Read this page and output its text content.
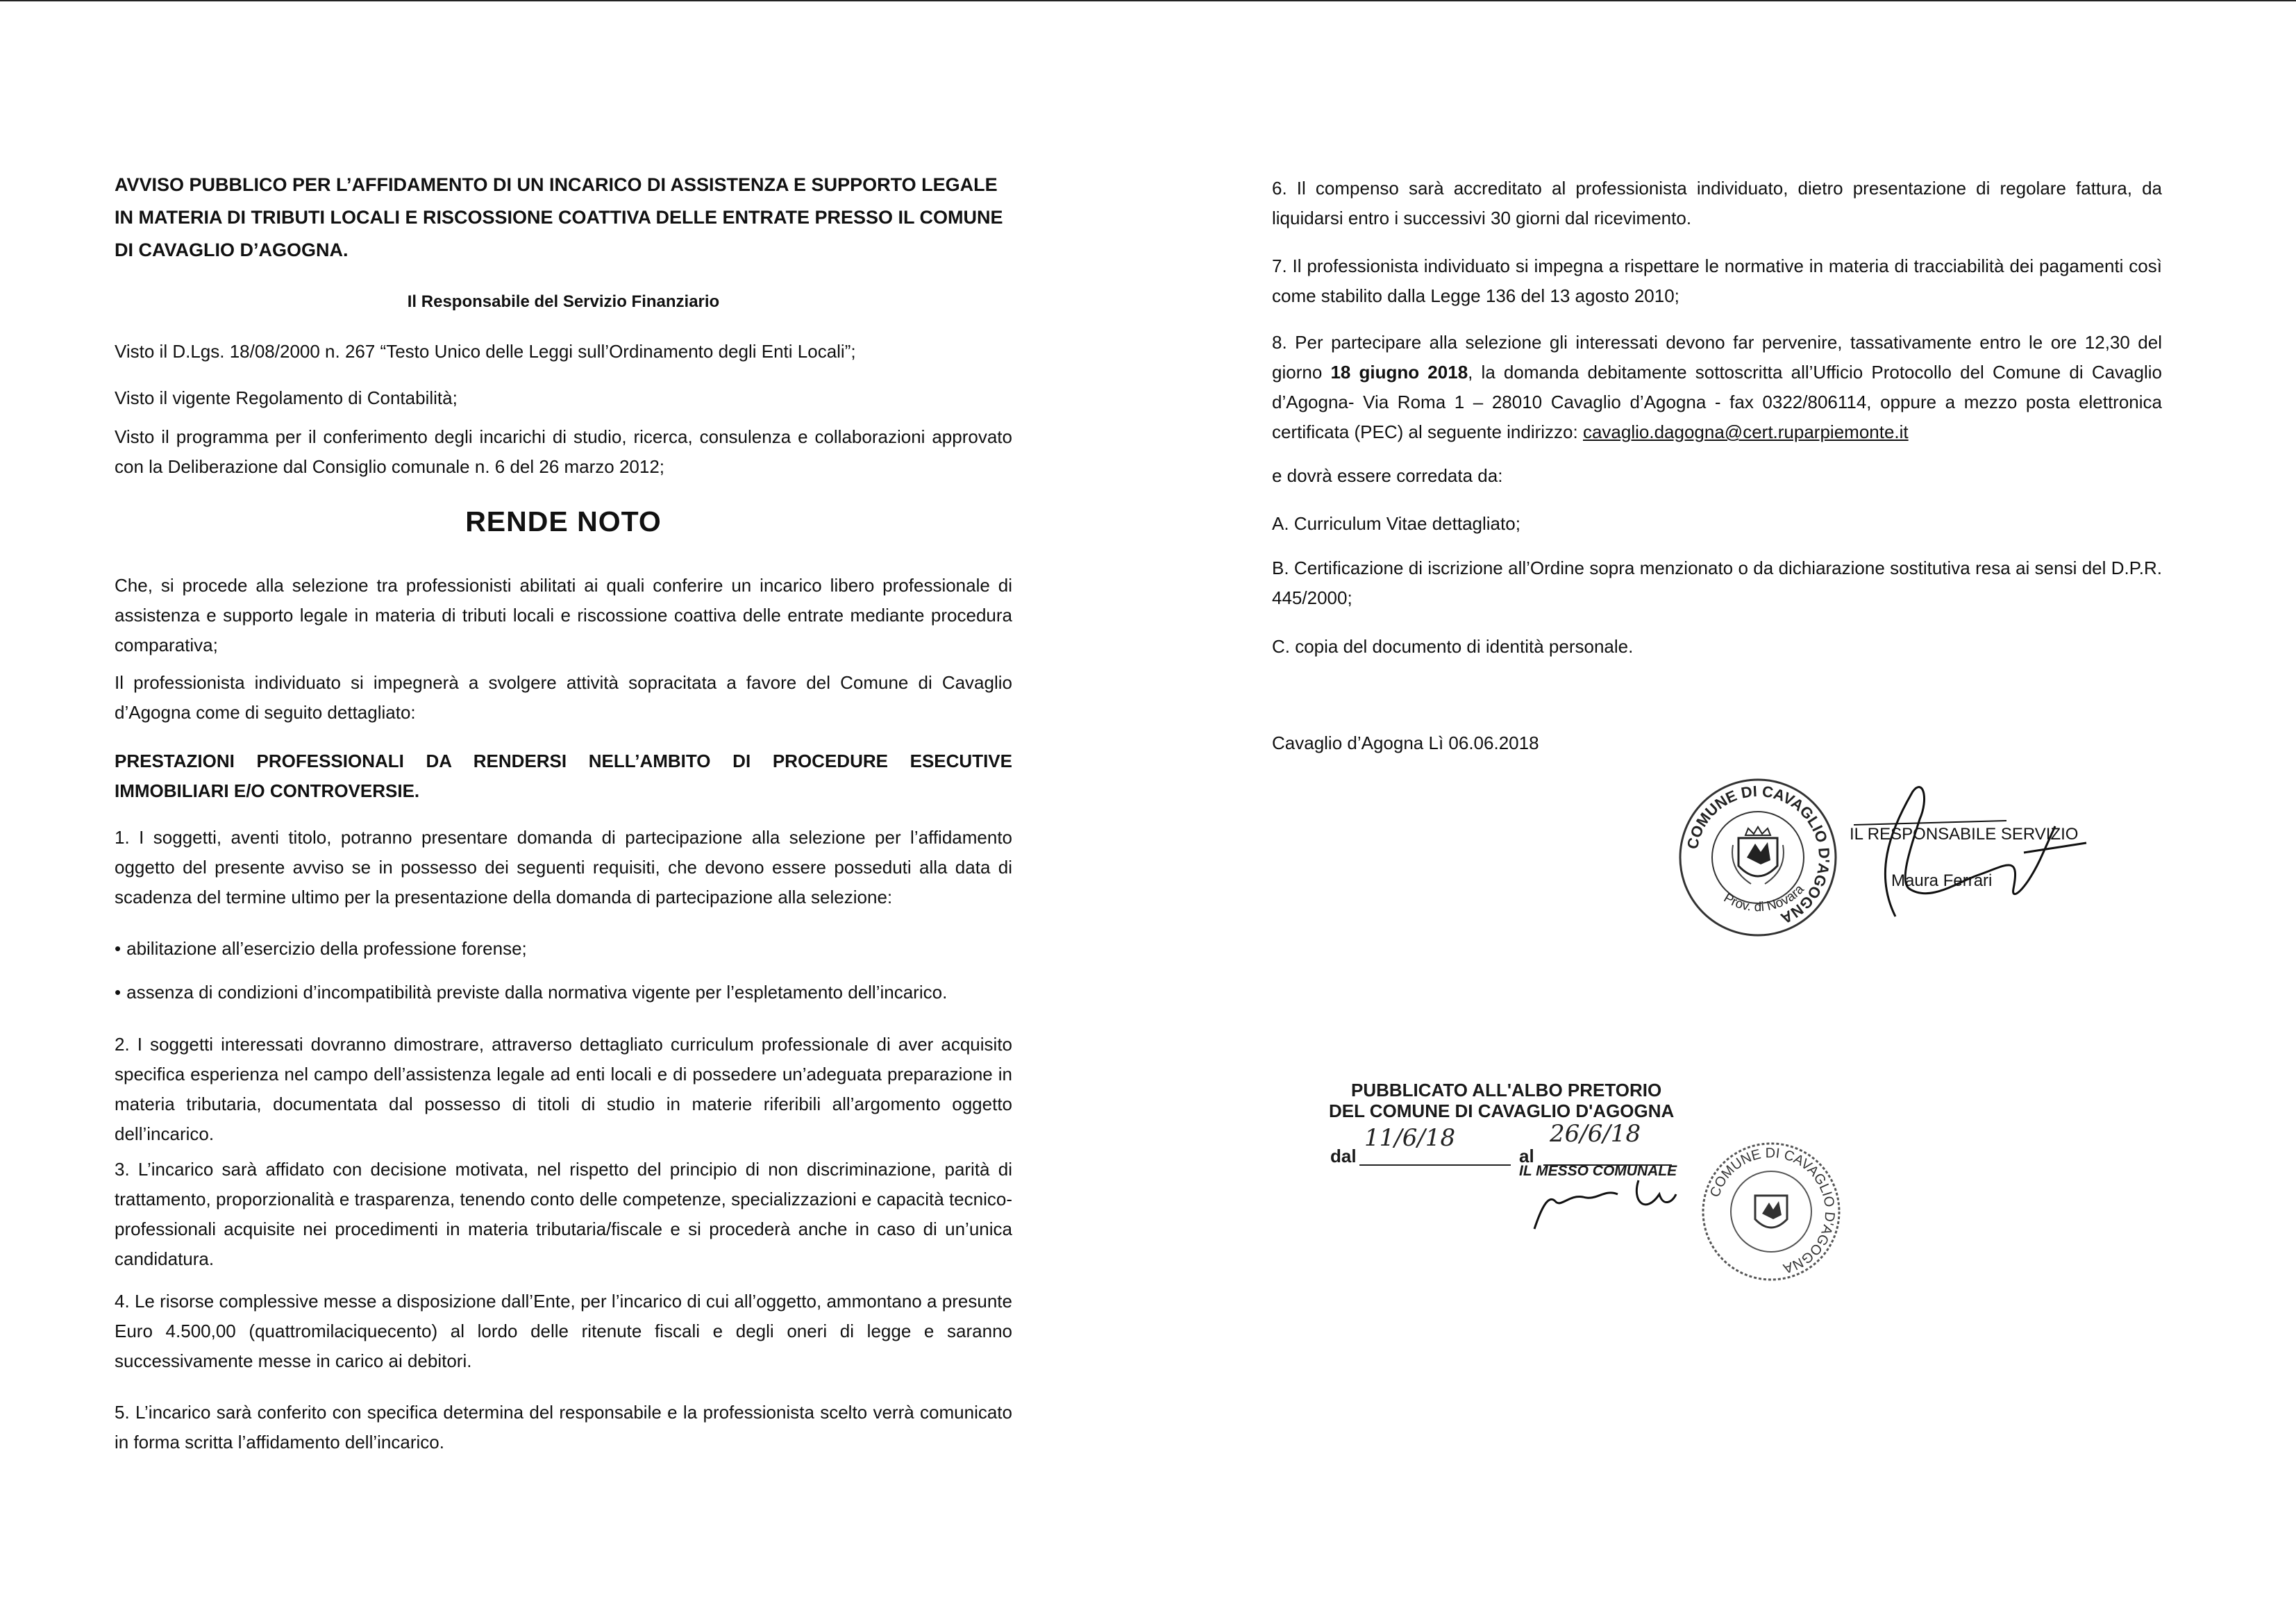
AVVISO PUBBLICO PER L’AFFIDAMENTO DI UN INCARICO DI ASSISTENZA E SUPPORTO LEGALE IN MATERIA DI TRIBUTI LOCALI E RISCOSSIONE COATTIVA DELLE ENTRATE PRESSO IL COMUNE DI CAVAGLIO D’AGOGNA.

Il Responsabile del Servizio Finanziario

Visto il D.Lgs. 18/08/2000 n. 267 “Testo Unico delle Leggi sull’Ordinamento degli Enti Locali”;

Visto il vigente Regolamento di Contabilità;

Visto il programma per il conferimento degli incarichi di studio, ricerca, consulenza e collaborazioni approvato con la Deliberazione dal Consiglio comunale n. 6 del 26 marzo 2012;

RENDE NOTO

Che, si procede alla selezione tra professionisti abilitati ai quali conferire un incarico libero professionale di assistenza e supporto legale in materia di tributi locali e riscossione coattiva delle entrate mediante procedura comparativa;

Il professionista individuato si impegnerà a svolgere attività sopracitata a favore del Comune di Cavaglio d’Agogna come di seguito dettagliato:

PRESTAZIONI PROFESSIONALI DA RENDERSI NELL’AMBITO DI PROCEDURE ESECUTIVE IMMOBILIARI E/O CONTROVERSIE.

1. I soggetti, aventi titolo, potranno presentare domanda di partecipazione alla selezione per l’affidamento oggetto del presente avviso se in possesso dei seguenti requisiti, che devono essere posseduti alla data di scadenza del termine ultimo per la presentazione della domanda di partecipazione alla selezione:

• abilitazione all’esercizio della professione forense;

• assenza di condizioni d’incompatibilità previste dalla normativa vigente per l’espletamento dell’incarico.

2. I soggetti interessati dovranno dimostrare, attraverso dettagliato curriculum professionale di aver acquisito specifica esperienza nel campo dell’assistenza legale ad enti locali e di possedere un’adeguata preparazione in materia tributaria, documentata dal possesso di titoli di studio in materie riferibili all’argomento oggetto dell’incarico.

3. L’incarico sarà affidato con decisione motivata, nel rispetto del principio di non discriminazione, parità di trattamento, proporzionalità e trasparenza, tenendo conto delle competenze, specializzazioni e capacità tecnico-professionali acquisite nei procedimenti in materia tributaria/fiscale e si procederà anche in caso di un’unica candidatura.

4. Le risorse complessive messe a disposizione dall’Ente, per l’incarico di cui all’oggetto, ammontano a presunte Euro 4.500,00 (quattromilaciquecento) al lordo delle ritenute fiscali e degli oneri di legge e saranno successivamente messe in carico ai debitori.

5. L’incarico sarà conferito con specifica determina del responsabile e la professionista scelto verrà comunicato in forma scritta l’affidamento dell’incarico.

6. Il compenso sarà accreditato al professionista individuato, dietro presentazione di regolare fattura, da liquidarsi entro i successivi 30 giorni dal ricevimento.

7. Il professionista individuato si impegna a rispettare le normative in materia di tracciabilità dei pagamenti così come stabilito dalla Legge 136 del 13 agosto 2010;

8. Per partecipare alla selezione gli interessati devono far pervenire, tassativamente entro le ore 12,30 del giorno 18 giugno 2018, la domanda debitamente sottoscritta all’Ufficio Protocollo del Comune di Cavaglio d’Agogna- Via Roma 1 – 28010 Cavaglio d’Agogna - fax 0322/806114, oppure a mezzo posta elettronica certificata (PEC) al seguente indirizzo: cavaglio.dagogna@cert.ruparpiemonte.it

e dovrà essere corredata da:

A. Curriculum Vitae dettagliato;

B. Certificazione di iscrizione all’Ordine sopra menzionato o da dichiarazione sostitutiva resa ai sensi del D.P.R. 445/2000;

C. copia del documento di identità personale.

Cavaglio d’Agogna Lì 06.06.2018

COMUNE DI CAVAGLIO D'AGOGNA
Prov. di Novara
IL RESPONSABILE SERVIZIO
Maura Ferrari
PUBBLICATO ALL'ALBO PRETORIO
DEL COMUNE DI CAVAGLIO D'AGOGNA
dal
11/6/18
al
26/6/18
IL MESSO COMUNALE
COMUNE DI CAVAGLIO D'AGOGNA
